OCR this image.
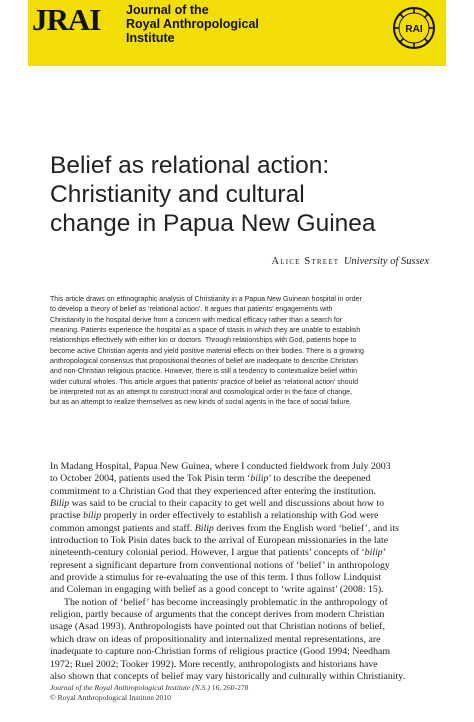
JRAI Journal of the
Royal Anthropological
Institute
RAI
Belief as relational action:
Christianity and cultural
change in Papua New Guinea
Alice Street University of Sussex
This article draws on ethnographic analysis of Christianity in a Papua New Guinean hospital in order
to develop a theory of belief as ‘relational action’. It argues that patients’ engagements with
Christianity in the hospital derive from a concern with medical efficacy rather than a search for
meaning. Patients experience the hospital as a space of stasis in which they are unable to establish
relationships effectively with either kin or doctors. Through relationships with God, patients hope to
become active Christian agents and yield positive material effects on their bodies. There is a growing
anthropological consensus that propositional theories of belief are inadequate to describe Christian
and non-Christian religious practice. However, there is still a tendency to contextualize belief within
wider cultural wholes. This article argues that patients’ practice of belief as ‘relational action’ should
be interpreted not as an attempt to construct moral and cosmological order in the face of change,
but as an attempt to realize themselves as new kinds of social agents in the face of social failure.
In Madang Hospital, Papua New Guinea, where I conducted fieldwork from July 2003
to October 2004, patients used the Tok Pisin term ‘bilip’ to describe the deepened
commitment to a Christian God that they experienced after entering the institution.
Bilip was said to be crucial to their capacity to get well and discussions about how to
practise bilip properly in order effectively to establish a relationship with God were
common amongst patients and staff. Bilip derives from the English word ‘belief’, and its
introduction to Tok Pisin dates back to the arrival of European missionaries in the late
nineteenth-century colonial period. However, I argue that patients’ concepts of ‘bilip’
represent a significant departure from conventional notions of ‘belief’ in anthropology
and provide a stimulus for re-evaluating the use of this term. I thus follow Lindquist
and Coleman in engaging with belief as a good concept to ‘write against’ (2008: 15).
The notion of ‘belief’ has become increasingly problematic in the anthropology of
religion, partly because of arguments that the concept derives from modern Christian
usage (Asad 1993). Anthropologists have pointed out that Christian notions of belief,
which draw on ideas of propositionality and internalized mental representations, are
inadequate to capture non-Christian forms of religious practice (Good 1994; Needham
1972; Ruel 2002; Tooker 1992). More recently, anthropologists and historians have
also shown that concepts of belief may vary historically and culturally within Christianity.
Journal of the Royal Anthropological Institute (N.S.) 16, 260-278
© Royal Anthropological Institute 2010
